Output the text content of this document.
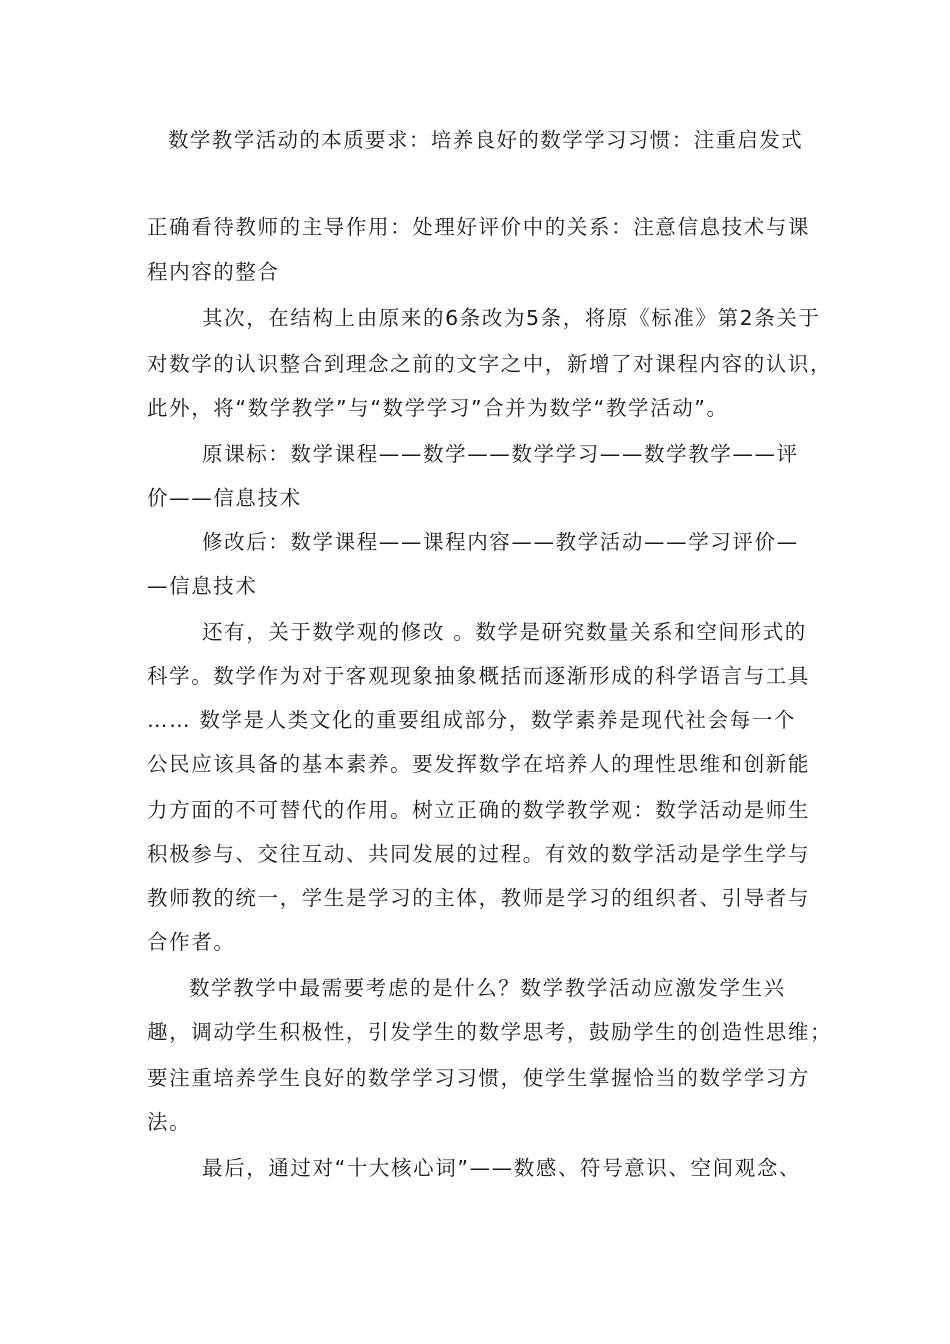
数学教学活动的本质要求：培养良好的数学学习习惯：注重启发式
正确看待教师的主导作用：处理好评价中的关系：注意信息技术与课
程内容的整合
其次，在结构上由原来的6条改为5条，将原《标准》第2条关于
对数学的认识整合到理念之前的文字之中，新增了对课程内容的认识，
此外，将“数学教学”与“数学学习”合并为数学“教学活动”。
原课标：数学课程——数学——数学学习——数学教学——评
价——信息技术
修改后：数学课程——课程内容——教学活动——学习评价—
—信息技术
还有，关于数学观的修改 。数学是研究数量关系和空间形式的
科学。数学作为对于客观现象抽象概括而逐渐形成的科学语言与工具
…… 数学是人类文化的重要组成部分，数学素养是现代社会每一个
公民应该具备的基本素养。要发挥数学在培养人的理性思维和创新能
力方面的不可替代的作用。树立正确的数学教学观：数学活动是师生
积极参与、交往互动、共同发展的过程。有效的数学活动是学生学与
教师教的统一，学生是学习的主体，教师是学习的组织者、引导者与
合作者。
数学教学中最需要考虑的是什么？数学教学活动应激发学生兴
趣，调动学生积极性，引发学生的数学思考，鼓励学生的创造性思维；
要注重培养学生良好的数学学习习惯，使学生掌握恰当的数学学习方
法。
最后，通过对“十大核心词”——数感、符号意识、空间观念、
